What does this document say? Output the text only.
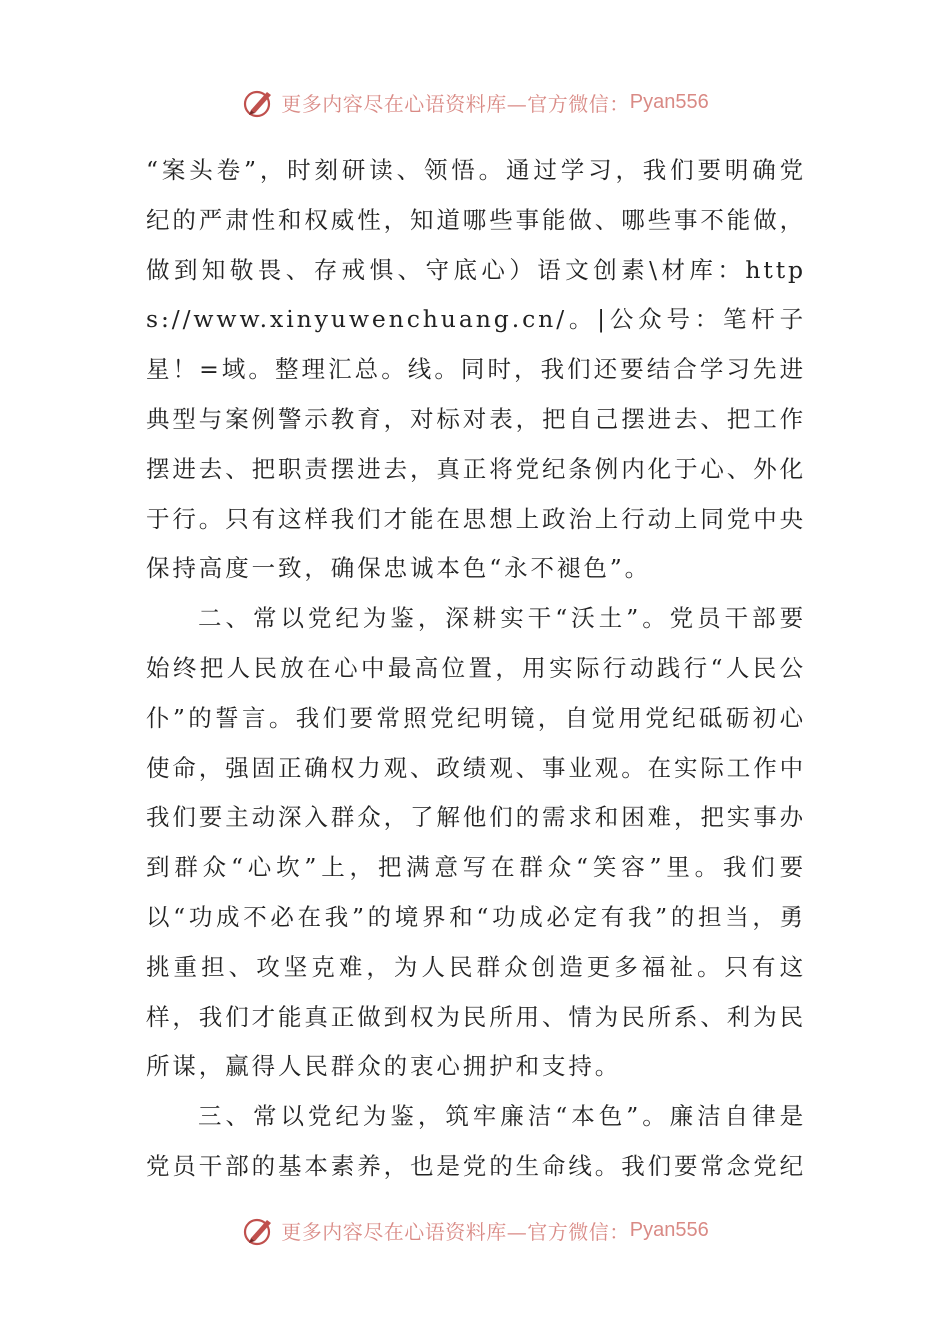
更多内容尽在心语资料库—官方微信： Pyan556

“案头卷”，时刻研读、领悟。通过学习，我们要明确党纪的严肃性和权威性，知道哪些事能做、哪些事不能做，做到知敬畏、存戒惧、守底心）语文创素\材库：https://www.xinyuwenchuang.cn/。|公众号：笔杆子星！=域。整理汇总。线。同时，我们还要结合学习先进典型与案例警示教育，对标对表，把自己摆进去、把工作摆进去、把职责摆进去，真正将党纪条例内化于心、外化于行。只有这样我们才能在思想上政治上行动上同党中央保持高度一致，确保忠诚本色“永不褪色”。

二、常以党纪为鉴，深耕实干“沃土”。党员干部要始终把人民放在心中最高位置，用实际行动践行“人民公仆”的誓言。我们要常照党纪明镜，自觉用党纪砥砺初心使命，强固正确权力观、政绩观、事业观。在实际工作中我们要主动深入群众，了解他们的需求和困难，把实事办到群众“心坎”上，把满意写在群众“笑容”里。我们要以“功成不必在我”的境界和“功成必定有我”的担当，勇挑重担、攻坚克难，为人民群众创造更多福祉。只有这样，我们才能真正做到权为民所用、情为民所系、利为民所谋，赢得人民群众的衷心拥护和支持。

三、常以党纪为鉴，筑牢廉洁“本色”。廉洁自律是党员干部的基本素养，也是党的生命线。我们要常念党纪

更多内容尽在心语资料库—官方微信： Pyan556
